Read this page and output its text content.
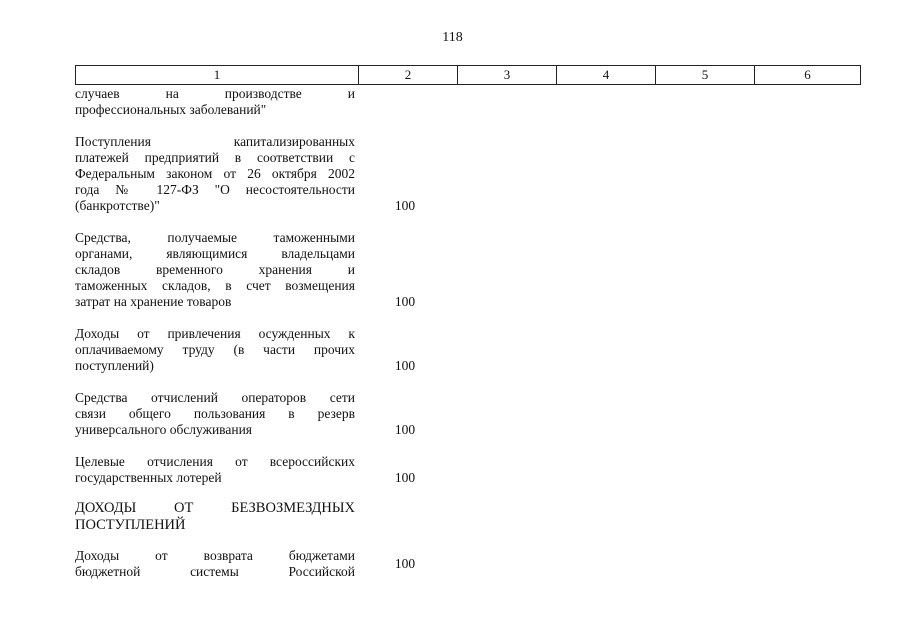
118
1	2	3	4	5	6
случаев на производстве и
профессиональных заболеваний"
Поступления капитализированных
платежей предприятий в соответствии с
Федеральным законом от 26 октября 2002
года № 127-ФЗ "О несостоятельности
(банкротстве)"	100
Средства, получаемые таможенными
органами, являющимися владельцами
складов временного хранения и
таможенных складов, в счет возмещения
затрат на хранение товаров	100
Доходы от привлечения осужденных к
оплачиваемому труду (в части прочих
поступлений)	100
Средства отчислений операторов сети
связи общего пользования в резерв
универсального обслуживания	100
Целевые отчисления от всероссийских
государственных лотерей	100
ДОХОДЫ ОТ БЕЗВОЗМЕЗДНЫХ
ПОСТУПЛЕНИЙ
Доходы от возврата бюджетами
бюджетной системы Российской
100
